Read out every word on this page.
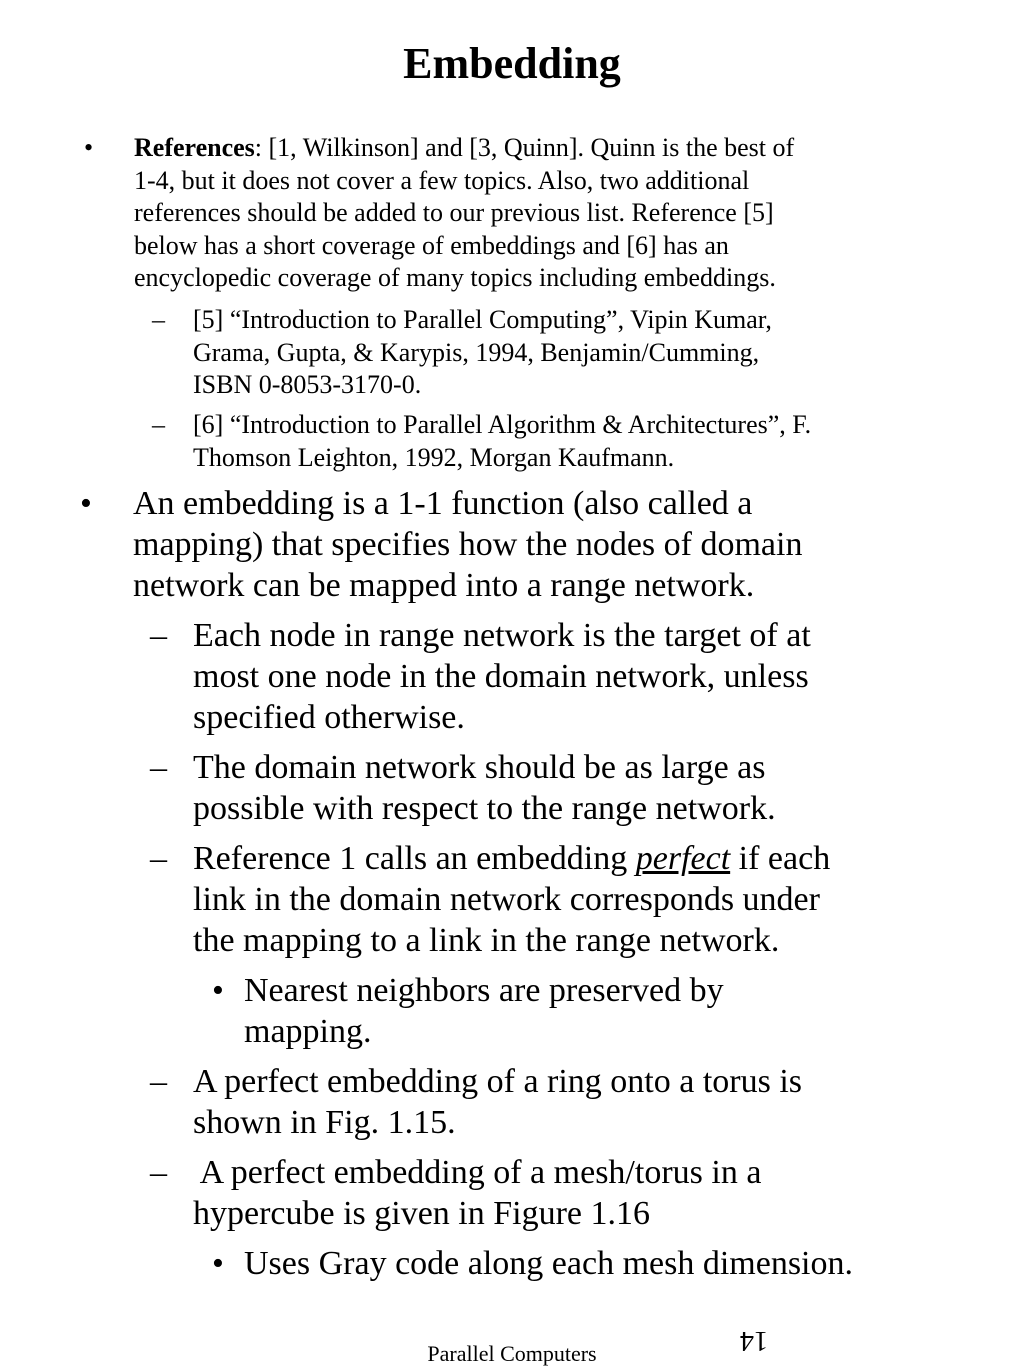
Embedding
• References: [1, Wilkinson] and [3, Quinn]. Quinn is the best of
1-4, but it does not cover a few topics. Also, two additional
references should be added to our previous list. Reference [5]
below has a short coverage of embeddings and [6] has an
encyclopedic coverage of many topics including embeddings.
– [5] “Introduction to Parallel Computing”, Vipin Kumar,
Grama, Gupta, & Karypis, 1994, Benjamin/Cumming,
ISBN 0-8053-3170-0.
– [6] “Introduction to Parallel Algorithm & Architectures”, F.
Thomson Leighton, 1992, Morgan Kaufmann.
• An embedding is a 1-1 function (also called a
mapping) that specifies how the nodes of domain
network can be mapped into a range network.
– Each node in range network is the target of at
most one node in the domain network, unless
specified otherwise.
– The domain network should be as large as
possible with respect to the range network.
– Reference 1 calls an embedding perfect if each
link in the domain network corresponds under
the mapping to a link in the range network.
• Nearest neighbors are preserved by
mapping.
– A perfect embedding of a ring onto a torus is
shown in Fig. 1.15.
– A perfect embedding of a mesh/torus in a
hypercube is given in Figure 1.16
• Uses Gray code along each mesh dimension.
14
Parallel Computers
